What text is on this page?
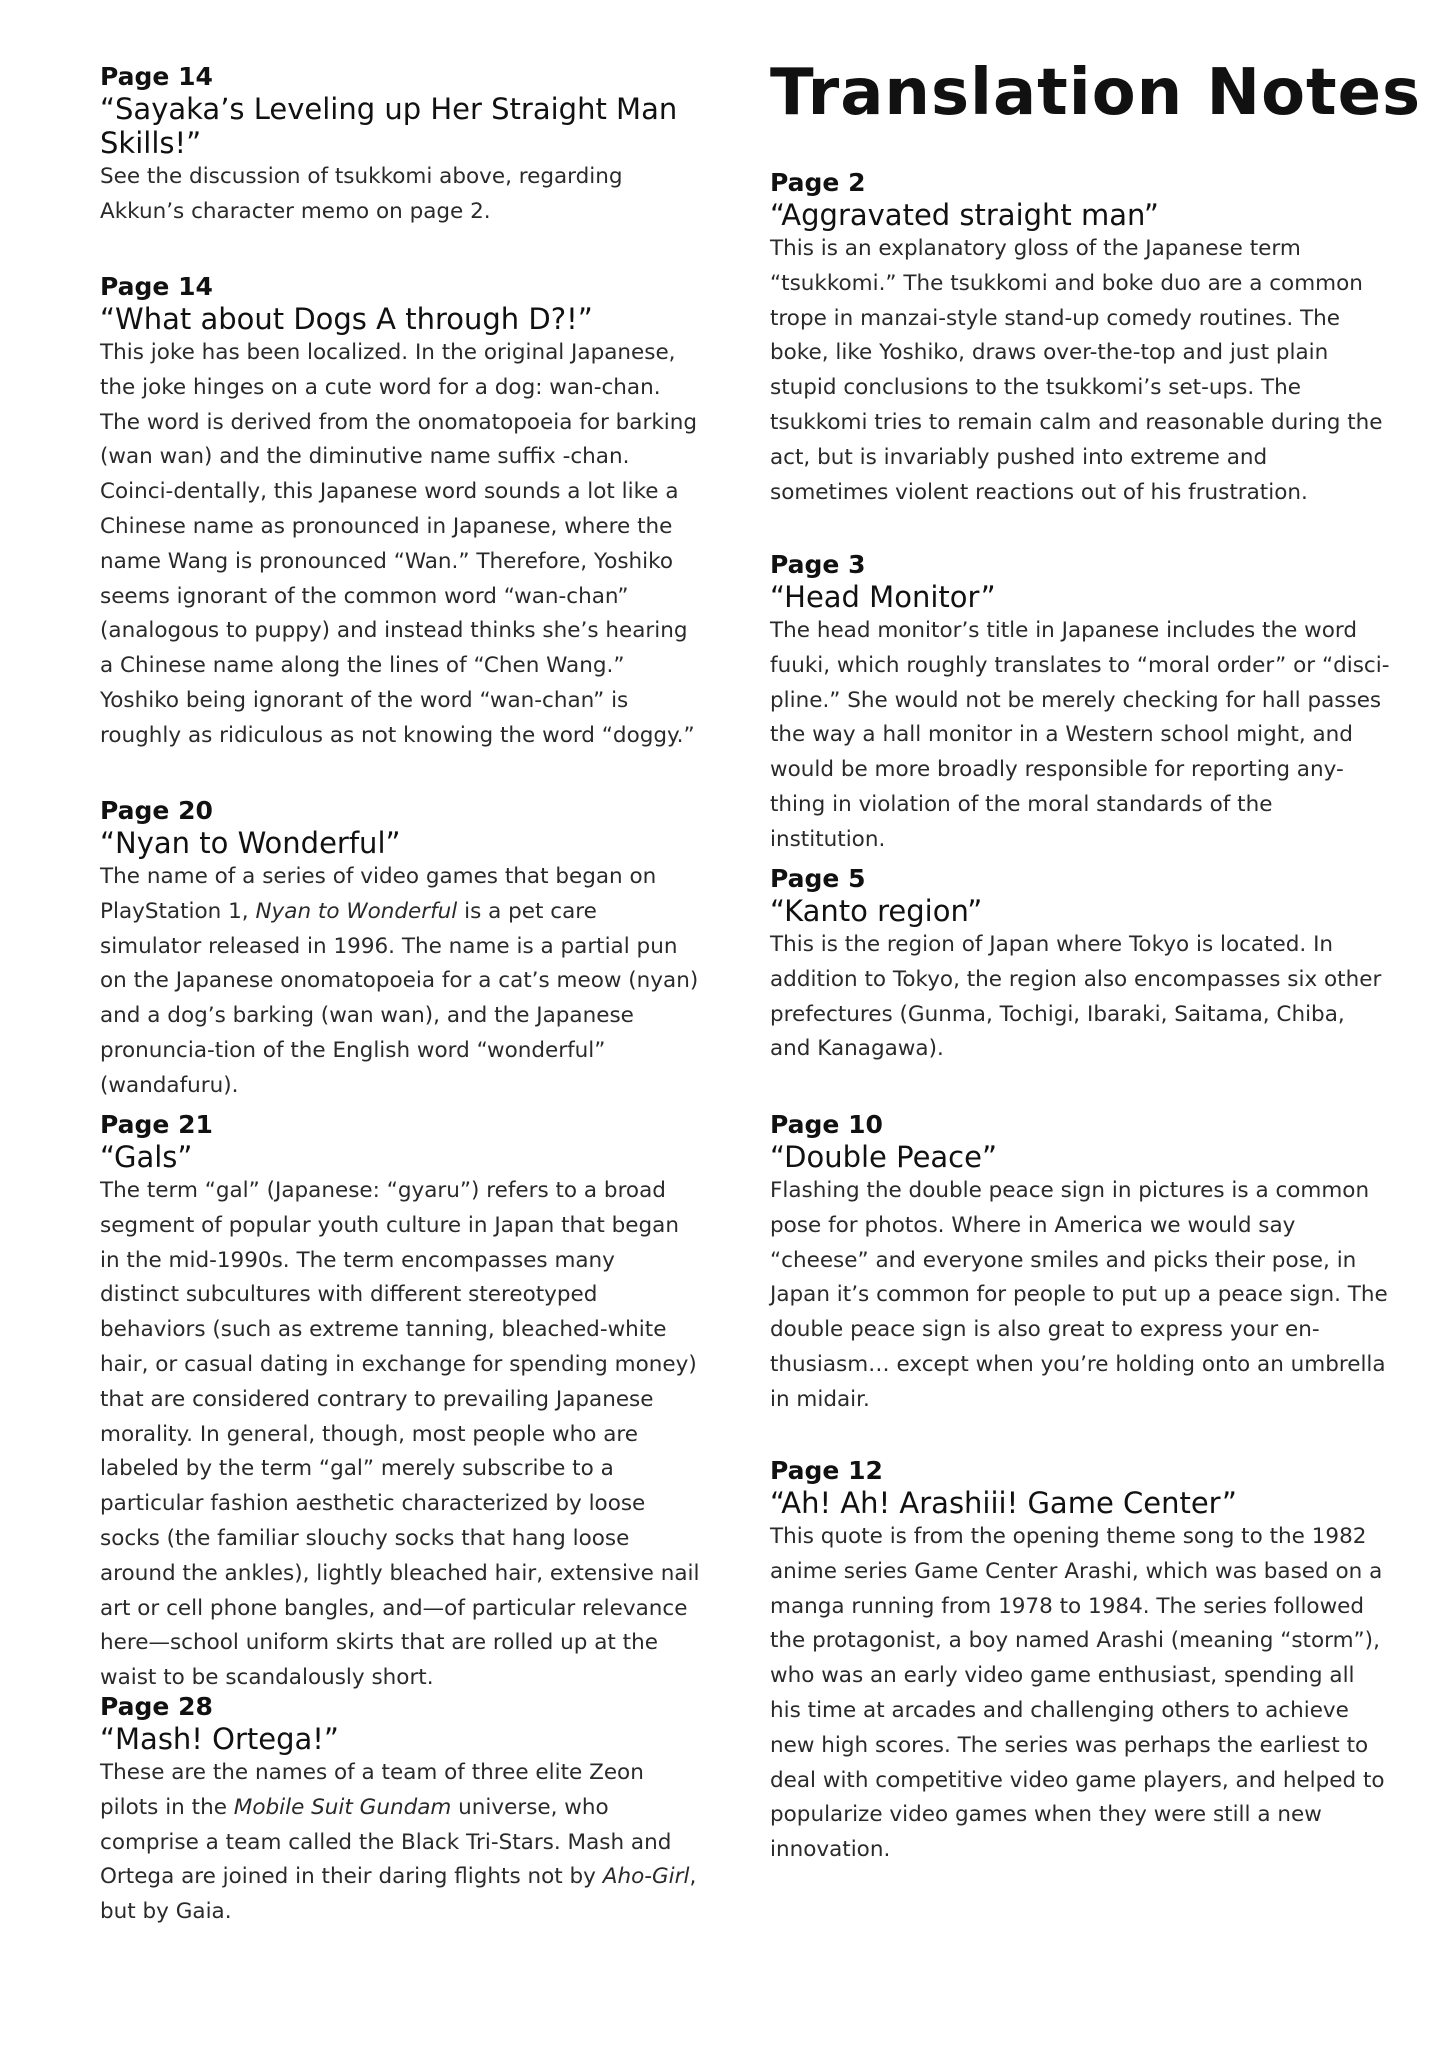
Translation Notes
Page 14
“Sayaka’s Leveling up Her Straight Man Skills!”

See the discussion of tsukkomi above, regarding Akkun’s character memo on page 2.

Page 14
“What about Dogs A through D?!”

This joke has been localized. In the original Japanese, the joke hinges on a cute word for a dog: wan-chan. The word is derived from the onomatopoeia for barking (wan wan) and the diminutive name suffix -chan. Coinci-dentally, this Japanese word sounds a lot like a Chinese name as pronounced in Japanese, where the name Wang is pronounced “Wan.” Therefore, Yoshiko seems ignorant of the common word “wan-chan” (analogous to puppy) and instead thinks she’s hearing a Chinese name along the lines of “Chen Wang.” Yoshiko being ignorant of the word “wan-chan” is roughly as ridiculous as not knowing the word “doggy.”

Page 20
“Nyan to Wonderful”

The name of a series of video games that began on PlayStation 1, Nyan to Wonderful is a pet care simulator released in 1996. The name is a partial pun on the Japanese onomatopoeia for a cat’s meow (nyan) and a dog’s barking (wan wan), and the Japanese pronuncia-tion of the English word “wonderful” (wandafuru).

Page 21
“Gals”

The term “gal” (Japanese: “gyaru”) refers to a broad segment of popular youth culture in Japan that began in the mid-1990s. The term encompasses many distinct subcultures with different stereotyped behaviors (such as extreme tanning, bleached-white hair, or casual dating in exchange for spending money) that are considered contrary to prevailing Japanese morality. In general, though, most people who are labeled by the term “gal” merely subscribe to a particular fashion aesthetic characterized by loose socks (the familiar slouchy socks that hang loose around the ankles), lightly bleached hair, extensive nail art or cell phone bangles, and—of particular relevance here—school uniform skirts that are rolled up at the waist to be scandalously short.

Page 28
“Mash! Ortega!”

These are the names of a team of three elite Zeon pilots in the Mobile Suit Gundam universe, who comprise a team called the Black Tri-Stars. Mash and Ortega are joined in their daring flights not by Aho-Girl, but by Gaia.

Page 2
“Aggravated straight man”

This is an explanatory gloss of the Japanese term “tsukkomi.” The tsukkomi and boke duo are a common trope in manzai-style stand-up comedy routines. The boke, like Yoshiko, draws over-the-top and just plain stupid conclusions to the tsukkomi’s set-ups. The tsukkomi tries to remain calm and reasonable during the act, but is invariably pushed into extreme and sometimes violent reactions out of his frustration.

Page 3
“Head Monitor”

The head monitor’s title in Japanese includes the word fuuki, which roughly translates to “moral order” or “disci-pline.” She would not be merely checking for hall passes the way a hall monitor in a Western school might, and would be more broadly responsible for reporting any-thing in violation of the moral standards of the institution.

Page 5
“Kanto region”

This is the region of Japan where Tokyo is located. In addition to Tokyo, the region also encompasses six other prefectures (Gunma, Tochigi, Ibaraki, Saitama, Chiba, and Kanagawa).

Page 10
“Double Peace”

Flashing the double peace sign in pictures is a common pose for photos. Where in America we would say “cheese” and everyone smiles and picks their pose, in Japan it’s common for people to put up a peace sign. The double peace sign is also great to express your en-thusiasm… except when you’re holding onto an umbrella in midair.

Page 12
“Ah! Ah! Arashiii! Game Center”

This quote is from the opening theme song to the 1982 anime series Game Center Arashi, which was based on a manga running from 1978 to 1984. The series followed the protagonist, a boy named Arashi (meaning “storm”), who was an early video game enthusiast, spending all his time at arcades and challenging others to achieve new high scores. The series was perhaps the earliest to deal with competitive video game players, and helped to popularize video games when they were still a new innovation.
